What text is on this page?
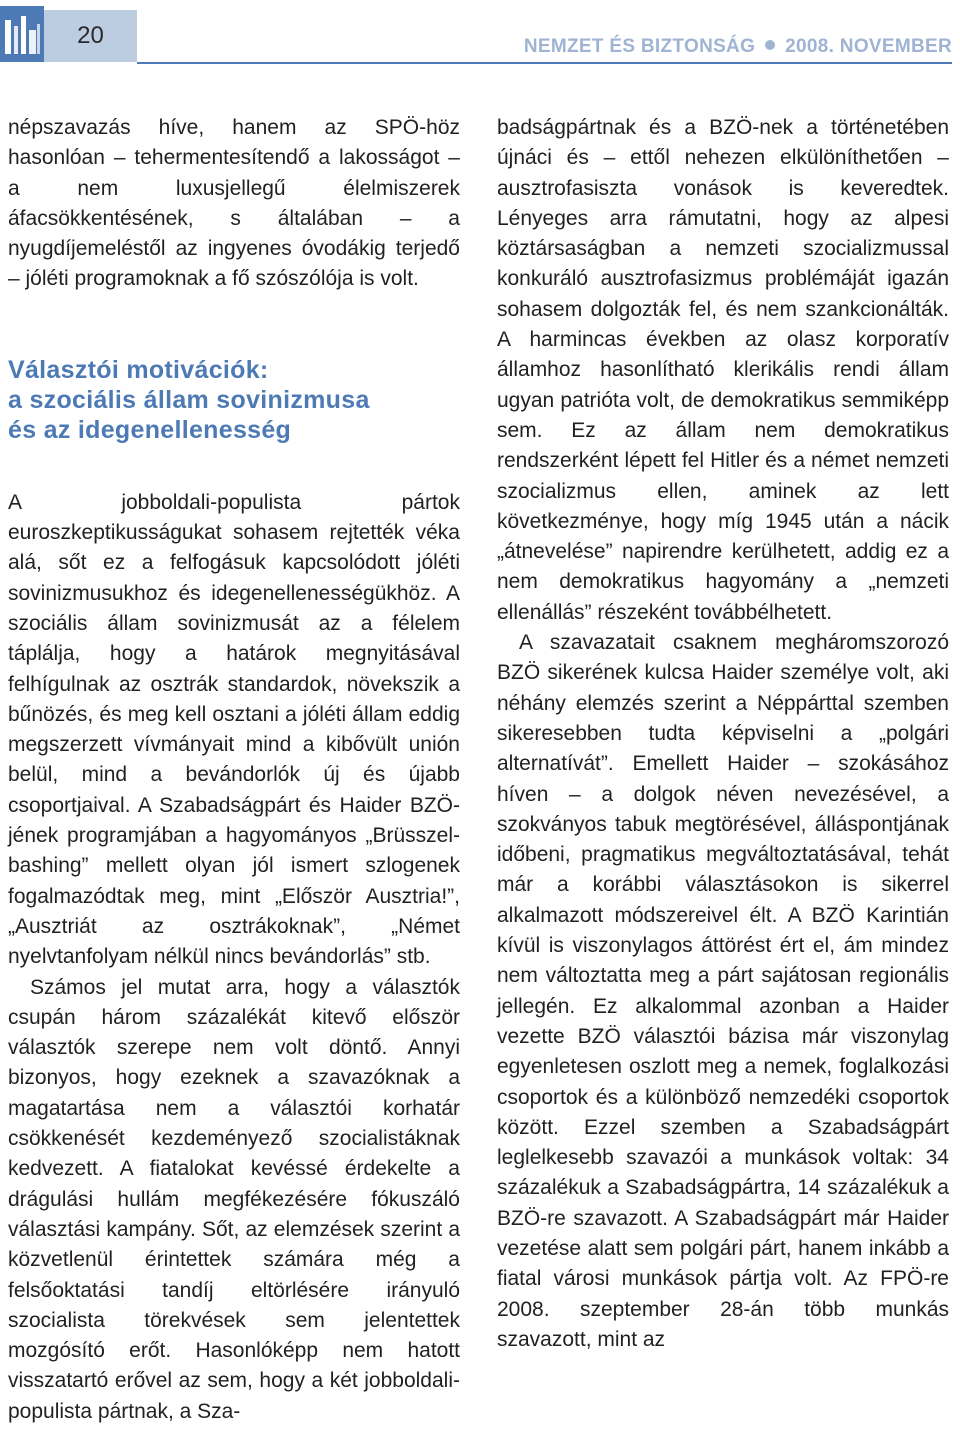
20	NEMZET ÉS BIZTONSÁG 2008. NOVEMBER

népszavazás híve, hanem az SPÖ-höz hasonlóan – tehermentesítendő a lakosságot – a nem luxusjellegű élelmiszerek áfacsökkentésének, s általában – a nyugdíjemeléstől az ingyenes óvodákig terjedő – jóléti programoknak a fő szószólója is volt.

Választói motivációk:
a szociális állam sovinizmusa
és az idegenellenesség

A jobboldali-populista pártok euroszkeptikusságukat sohasem rejtették véka alá, sőt ez a felfogásuk kapcsolódott jóléti sovinizmusukhoz és idegenellenességükhöz. A szociális állam sovinizmusát az a félelem táplálja, hogy a határok megnyitásával felhígulnak az osztrák standardok, növekszik a bűnözés, és meg kell osztani a jóléti állam eddig megszerzett vívmányait mind a kibővült unión belül, mind a bevándorlók új és újabb csoportjaival. A Szabadságpárt és Haider BZÖ-jének programjában a hagyományos „Brüsszel-bashing” mellett olyan jól ismert szlogenek fogalmazódtak meg, mint „Először Ausztria!”, „Ausztriát az osztrákoknak”, „Német nyelvtanfolyam nélkül nincs bevándorlás” stb.

Számos jel mutat arra, hogy a választók csupán három százalékát kitevő először választók szerepe nem volt döntő. Annyi bizonyos, hogy ezeknek a szavazóknak a magatartása nem a választói korhatár csökkenését kezdeményező szocialistáknak kedvezett. A fiatalokat kevéssé érdekelte a drágulási hullám megfékezésére fókuszáló választási kampány. Sőt, az elemzések szerint a közvetlenül érintettek számára még a felsőoktatási tandíj eltörlésére irányuló szocialista törekvések sem jelentettek mozgósító erőt. Hasonlóképp nem hatott visszatartó erővel az sem, hogy a két jobboldali-populista pártnak, a Sza-

badságpártnak és a BZÖ-nek a történetében újnáci és – ettől nehezen elkülöníthetően – ausztrofasiszta vonások is keveredtek. Lényeges arra rámutatni, hogy az alpesi köztársaságban a nemzeti szocializmussal konkuráló ausztrofasizmus problémáját igazán sohasem dolgozták fel, és nem szankcionálták. A harmincas években az olasz korporatív államhoz hasonlítható klerikális rendi állam ugyan patrióta volt, de demokratikus semmiképp sem. Ez az állam nem demokratikus rendszerként lépett fel Hitler és a német nemzeti szocializmus ellen, aminek az lett következménye, hogy míg 1945 után a nácik „átnevelése” napirendre kerülhetett, addig ez a nem demokratikus hagyomány a „nemzeti ellenállás” részeként továbbélhetett.

A szavazatait csaknem megháromszorozó BZÖ sikerének kulcsa Haider személye volt, aki néhány elemzés szerint a Néppárttal szemben sikeresebben tudta képviselni a „polgári alternatívát”. Emellett Haider – szokásához híven – a dolgok néven nevezésével, a szokványos tabuk megtörésével, álláspontjának időbeni, pragmatikus megváltoztatásával, tehát már a korábbi választásokon is sikerrel alkalmazott módszereivel élt. A BZÖ Karintián kívül is viszonylagos áttörést ért el, ám mindez nem változtatta meg a párt sajátosan regionális jellegén. Ez alkalommal azonban a Haider vezette BZÖ választói bázisa már viszonylag egyenletesen oszlott meg a nemek, foglalkozási csoportok és a különböző nemzedéki csoportok között. Ezzel szemben a Szabadságpárt leglelkesebb szavazói a munkások voltak: 34 százalékuk a Szabadságpártra, 14 százalékuk a BZÖ-re szavazott. A Szabadságpárt már Haider vezetése alatt sem polgári párt, hanem inkább a fiatal városi munkások pártja volt. Az FPÖ-re 2008. szeptember 28-án több munkás szavazott, mint az
